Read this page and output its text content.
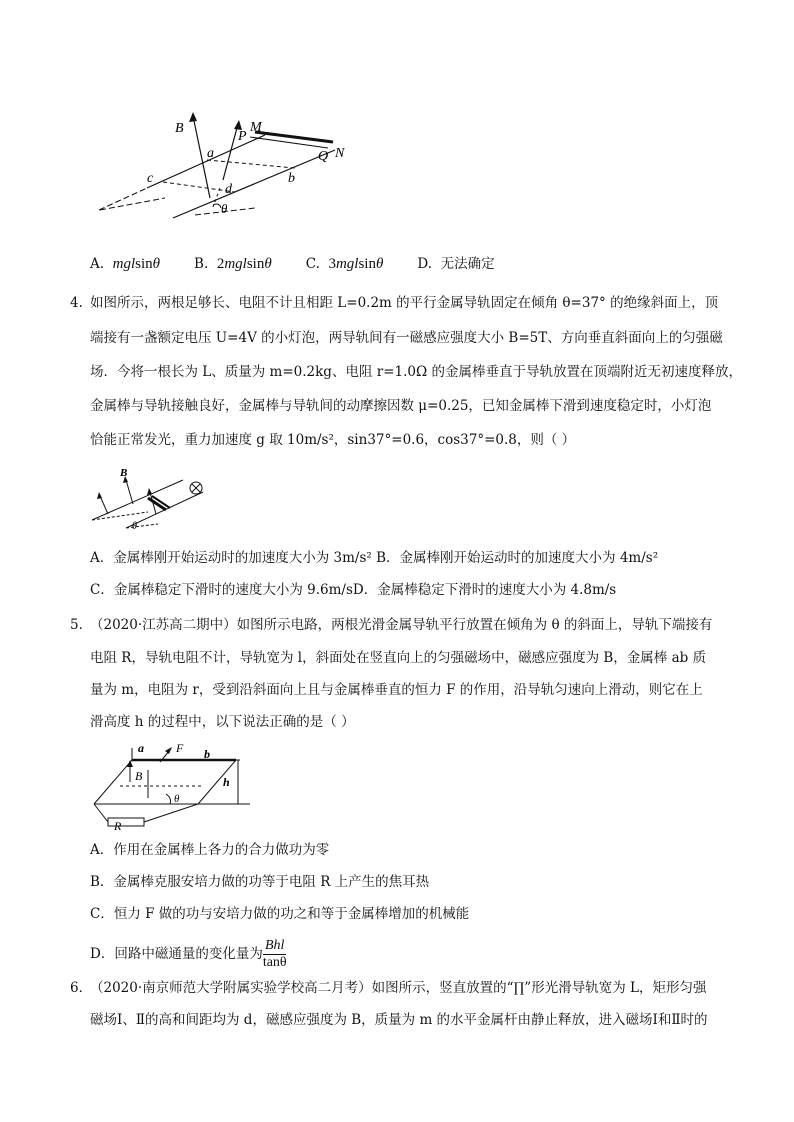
B
a
P
M
Q N
c
d
b
θ
A. mglsinθ	B. 2mglsinθ	C. 3mglsinθ	D. 无法确定
4. 如图所示，两根足够长、电阻不计且相距 L=0.2m 的平行金属导轨固定在倾角 θ=37° 的绝缘斜面上，顶
端接有一盏额定电压 U=4V 的小灯泡，两导轨间有一磁感应强度大小 B=5T、方向垂直斜面向上的匀强磁
场．今将一根长为 L、质量为 m=0.2kg、电阻 r=1.0Ω 的金属棒垂直于导轨放置在顶端附近无初速度释放，
金属棒与导轨接触良好，金属棒与导轨间的动摩擦因数 μ=0.25，已知金属棒下滑到速度稳定时，小灯泡
恰能正常发光，重力加速度 g 取 10m/s²，sin37°=0.6，cos37°=0.8，则（ ）
B
θ
A．金属棒刚开始运动时的加速度大小为 3m/s² B．金属棒刚开始运动时的加速度大小为 4m/s²
C．金属棒稳定下滑时的速度大小为 9.6m/sD．金属棒稳定下滑时的速度大小为 4.8m/s
5．
（2020·江苏高二期中）如图所示电路，两根光滑金属导轨平行放置在倾角为 θ 的斜面上，导轨下端接有
电阻 R，导轨电阻不计，导轨宽为 l，斜面处在竖直向上的匀强磁场中，磁感应强度为 B，金属棒 ab 质
量为 m，电阻为 r，受到沿斜面向上且与金属棒垂直的恒力 F 的作用，沿导轨匀速向上滑动，则它在上
滑高度 h 的过程中，以下说法正确的是（ ）
a	F b
B	h
θ
R
A．作用在金属棒上各力的合力做功为零
B．金属棒克服安培力做的功等于电阻 R 上产生的焦耳热
C．恒力 F 做的功与安培力做的功之和等于金属棒增加的机械能
D．回路中磁通量的变化量为 $\frac{\text{Bhl}}{\tan\theta}$
6．
（2020·南京师范大学附属实验学校高二月考）如图所示，竖直放置的“∏”形光滑导轨宽为 L，矩形匀强
磁场Ⅰ、Ⅱ的高和间距均为 d，磁感应强度为 B，质量为 m 的水平金属杆由静止释放，进入磁场Ⅰ和Ⅱ时的
